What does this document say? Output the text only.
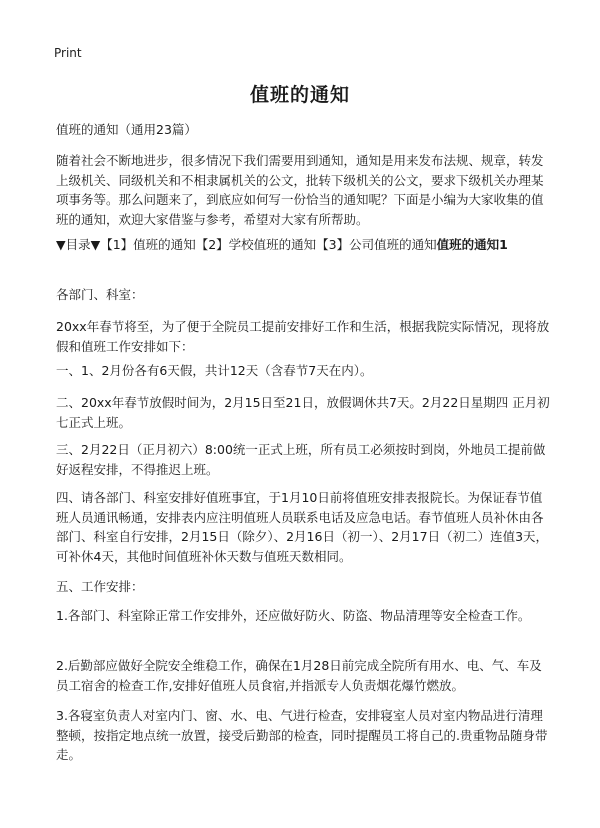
Print
值班的通知

值班的通知（通用23篇）

随着社会不断地进步，很多情况下我们需要用到通知，通知是用来发布法规、规章，转发上级机关、同级机关和不相隶属机关的公文，批转下级机关的公文，要求下级机关办理某项事务等。那么问题来了，到底应如何写一份恰当的通知呢？下面是小编为大家收集的值班的通知，欢迎大家借鉴与参考，希望对大家有所帮助。

▼目录▼【1】值班的通知【2】学校值班的通知【3】公司值班的通知值班的通知1

各部门、科室：

20xx年春节将至，为了便于全院员工提前安排好工作和生活，根据我院实际情况，现将放假和值班工作安排如下：

一、1、2月份各有6天假，共计12天（含春节7天在内）。

二、20xx年春节放假时间为，2月15日至21日，放假调休共7天。2月22日星期四 正月初七正式上班。

三、2月22日（正月初六）8:00统一正式上班，所有员工必须按时到岗，外地员工提前做好返程安排，不得推迟上班。

四、请各部门、科室安排好值班事宜，于1月10日前将值班安排表报院长。为保证春节值班人员通讯畅通，安排表内应注明值班人员联系电话及应急电话。春节值班人员补休由各部门、科室自行安排，2月15日（除夕）、2月16日（初一）、2月17日（初二）连值3天，可补休4天，其他时间值班补休天数与值班天数相同。

五、工作安排：

1.各部门、科室除正常工作安排外，还应做好防火、防盗、物品清理等安全检查工作。

2.后勤部应做好全院安全维稳工作，确保在1月28日前完成全院所有用水、电、气、车及员工宿舍的检查工作,安排好值班人员食宿,并指派专人负责烟花爆竹燃放。

3.各寝室负责人对室内门、窗、水、电、气进行检查，安排寝室人员对室内物品进行清理整顿，按指定地点统一放置，接受后勤部的检查，同时提醒员工将自己的.贵重物品随身带走。
